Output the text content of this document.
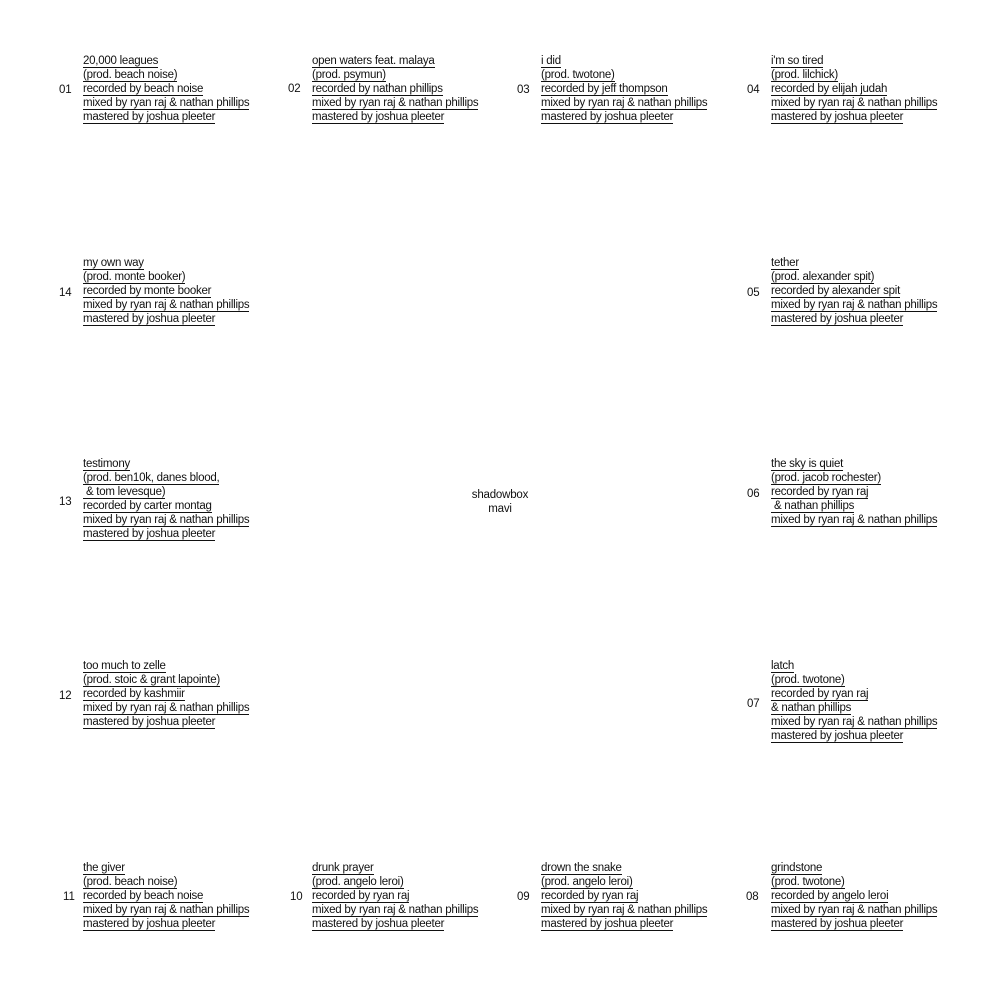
01
20,000 leagues
(prod. beach noise)
recorded by beach noise
mixed by ryan raj & nathan phillips
mastered by joshua pleeter
02
open waters feat. malaya
(prod. psymun)
recorded by nathan phillips
mixed by ryan raj & nathan phillips
mastered by joshua pleeter
03
i did
(prod. twotone)
recorded by jeff thompson
mixed by ryan raj & nathan phillips
mastered by joshua pleeter
04
i'm so tired
(prod. lilchick)
recorded by elijah judah
mixed by ryan raj & nathan phillips
mastered by joshua pleeter
14
my own way
(prod. monte booker)
recorded by monte booker
mixed by ryan raj & nathan phillips
mastered by joshua pleeter
05
tether
(prod. alexander spit)
recorded by alexander spit
mixed by ryan raj & nathan phillips
mastered by joshua pleeter
13
testimony
(prod. ben10k, danes blood,
& tom levesque)
recorded by carter montag
mixed by ryan raj & nathan phillips
mastered by joshua pleeter
06
the sky is quiet
(prod. jacob rochester)
recorded by ryan raj
& nathan phillips
mixed by ryan raj & nathan phillips
12
too much to zelle
(prod. stoic & grant lapointe)
recorded by kashmiir
mixed by ryan raj & nathan phillips
mastered by joshua pleeter
07
latch
(prod. twotone)
recorded by ryan raj
& nathan phillips
mixed by ryan raj & nathan phillips
mastered by joshua pleeter
11
the giver
(prod. beach noise)
recorded by beach noise
mixed by ryan raj & nathan phillips
mastered by joshua pleeter
10
drunk prayer
(prod. angelo leroi)
recorded by ryan raj
mixed by ryan raj & nathan phillips
mastered by joshua pleeter
09
drown the snake
(prod. angelo leroi)
recorded by ryan raj
mixed by ryan raj & nathan phillips
mastered by joshua pleeter
08
grindstone
(prod. twotone)
recorded by angelo leroi
mixed by ryan raj & nathan phillips
mastered by joshua pleeter
shadowbox
mavi
